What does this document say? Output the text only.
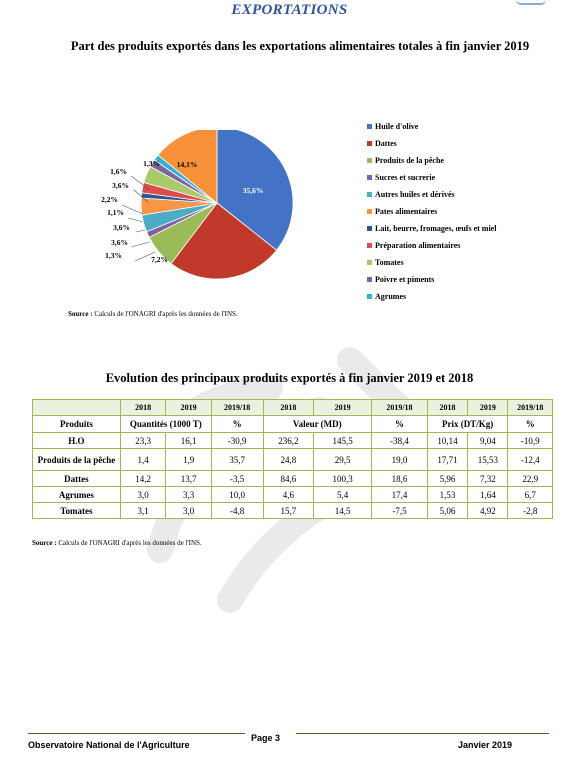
EXPORTATIONS
Part des produits exportés dans les exportations alimentaires totales à fin janvier 2019
35,6%
24,6%
7,2%
1,3%
3,6%
3,6%
1,1%
2,2%
3,6%
1,6%
1,3% 14,1%
Huile d'olive
Dattes
Produits de la pêche
Sucres et sucrerie
Autres huiles et dérivés
Pates alimentaires
Lait, beurre, fromages, œufs et miel
Préparation alimentaires
Tomates
Poivre et piments
Agrumes
Source : Calculs de l'ONAGRI d'après les données de l'INS.
Evolution des principaux produits exportés à fin janvier 2019 et 2018
	2018	2019	2019/18	2018	2019	2019/18	2018	2019	2019/18
Produits	Quantités (1000 T)		%	Valeur (MD)		%	Prix (DT/Kg)		%
H.O	23,3	16,1	-30,9	236,2	145,5	-38,4	10,14	9,04	-10,9
Produits de la pêche	1,4	1,9	35,7	24,8	29,5	19,0	17,71	15,53	-12,4
Dattes	14,2	13,7	-3,5	84,6	100,3	18,6	5,96	7,32	22,9
Agrumes	3,0	3,3	10,0	4,6	5,4	17,4	1,53	1,64	6,7
Tomates	3,1	3,0	-4,8	15,7	14,5	-7,5	5,06	4,92	-2,8
Source : Calculs de l'ONAGRI d'après les données de l'INS.
Observatoire National de l'Agriculture
Page 3
Janvier 2019
